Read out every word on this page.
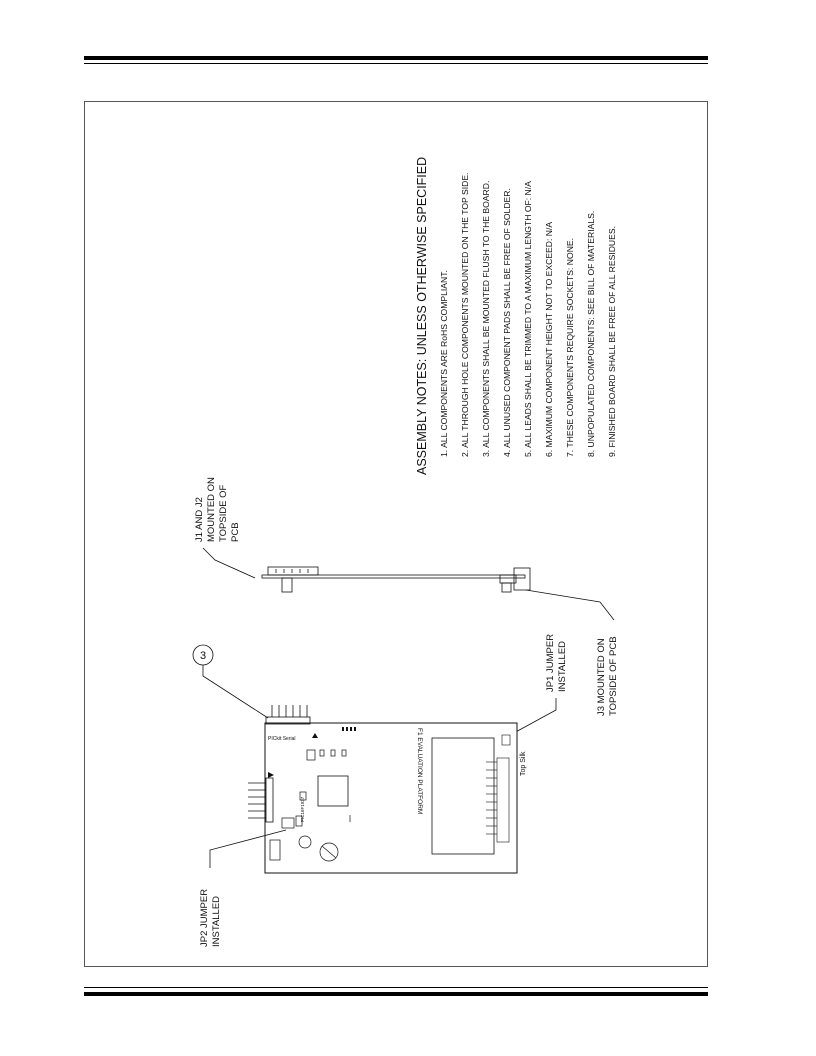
ASSEMBLY NOTES: UNLESS OTHERWISE SPECIFIED 1. ALL COMPONENTS ARE RoHS COMPLIANT. 2. ALL THROUGH HOLE COMPONENTS MOUNTED ON THE TOP SIDE. 3. ALL COMPONENTS SHALL BE MOUNTED FLUSH TO THE BOARD. 4. ALL UNUSED COMPONENT PADS SHALL BE FREE OF SOLDER. 5. ALL LEADS SHALL BE TRIMMED TO A MAXIMUM LENGTH OF: N/A 6. MAXIMUM COMPONENT HEIGHT NOT TO EXCEED: N/A 7. THESE COMPONENTS REQUIRE SOCKETS: NONE. 8. UNPOPULATED COMPONENTS: SEE BILL OF MATERIALS. 9. FINISHED BOARD SHALL BE FREE OF ALL RESIDUES.
J1 AND J2 MOUNTED ON TOPSIDE OF PCB
J3 MOUNTED ON TOPSIDE OF PCB
JP1 JUMPER INSTALLED
3
PICkit Serial
PIC16F1937	F1 EVALUATION PLATFORM	Top Silk
JP2 JUMPER INSTALLED
